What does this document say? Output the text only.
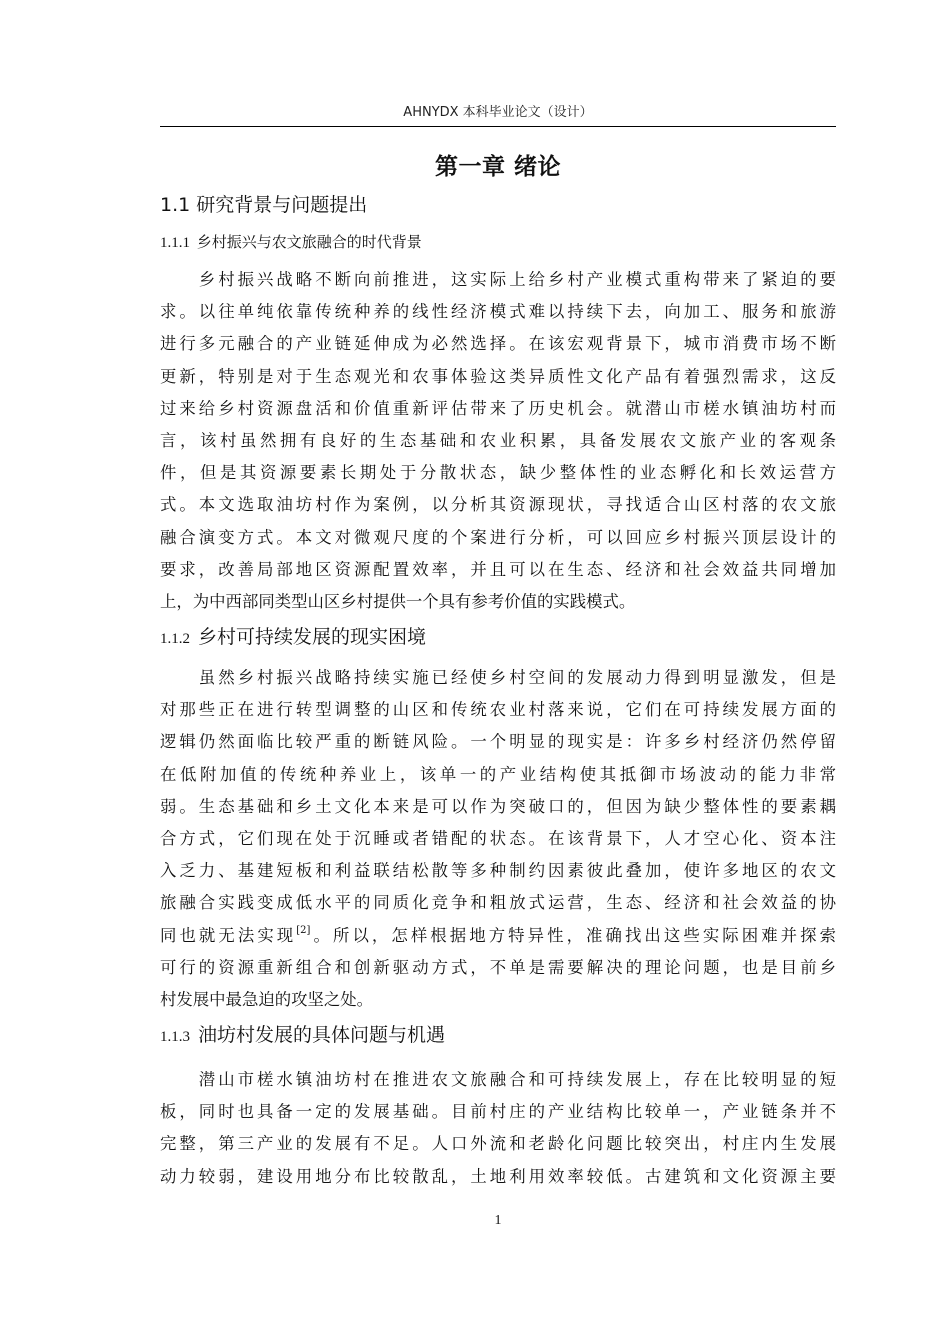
AHNYDX 本科毕业论文（设计）
第一章 绪论
1.1 研究背景与问题提出
1.1.1 乡村振兴与农文旅融合的时代背景
　　乡村振兴战略不断向前推进，这实际上给乡村产业模式重构带来了紧迫的要
求。以往单纯依靠传统种养的线性经济模式难以持续下去，向加工、服务和旅游
进行多元融合的产业链延伸成为必然选择。在该宏观背景下，城市消费市场不断
更新，特别是对于生态观光和农事体验这类异质性文化产品有着强烈需求，这反
过来给乡村资源盘活和价值重新评估带来了历史机会。就潜山市槎水镇油坊村而
言，该村虽然拥有良好的生态基础和农业积累，具备发展农文旅产业的客观条
件，但是其资源要素长期处于分散状态，缺少整体性的业态孵化和长效运营方
式。本文选取油坊村作为案例，以分析其资源现状，寻找适合山区村落的农文旅
融合演变方式。本文对微观尺度的个案进行分析，可以回应乡村振兴顶层设计的
要求，改善局部地区资源配置效率，并且可以在生态、经济和社会效益共同增加
上，为中西部同类型山区乡村提供一个具有参考价值的实践模式。
1.1.2 乡村可持续发展的现实困境
　　虽然乡村振兴战略持续实施已经使乡村空间的发展动力得到明显激发，但是
对那些正在进行转型调整的山区和传统农业村落来说，它们在可持续发展方面的
逻辑仍然面临比较严重的断链风险。一个明显的现实是：许多乡村经济仍然停留
在低附加值的传统种养业上，该单一的产业结构使其抵御市场波动的能力非常
弱。生态基础和乡土文化本来是可以作为突破口的，但因为缺少整体性的要素耦
合方式，它们现在处于沉睡或者错配的状态。在该背景下，人才空心化、资本注
入乏力、基建短板和利益联结松散等多种制约因素彼此叠加，使许多地区的农文
旅融合实践变成低水平的同质化竞争和粗放式运营，生态、经济和社会效益的协
同也就无法实现[2]。所以，怎样根据地方特异性，准确找出这些实际困难并探索
可行的资源重新组合和创新驱动方式，不单是需要解决的理论问题，也是目前乡
村发展中最急迫的攻坚之处。
1.1.3 油坊村发展的具体问题与机遇
　　潜山市槎水镇油坊村在推进农文旅融合和可持续发展上，存在比较明显的短
板，同时也具备一定的发展基础。目前村庄的产业结构比较单一，产业链条并不
完整，第三产业的发展有不足。人口外流和老龄化问题比较突出，村庄内生发展
动力较弱，建设用地分布比较散乱，土地利用效率较低。古建筑和文化资源主要
1
